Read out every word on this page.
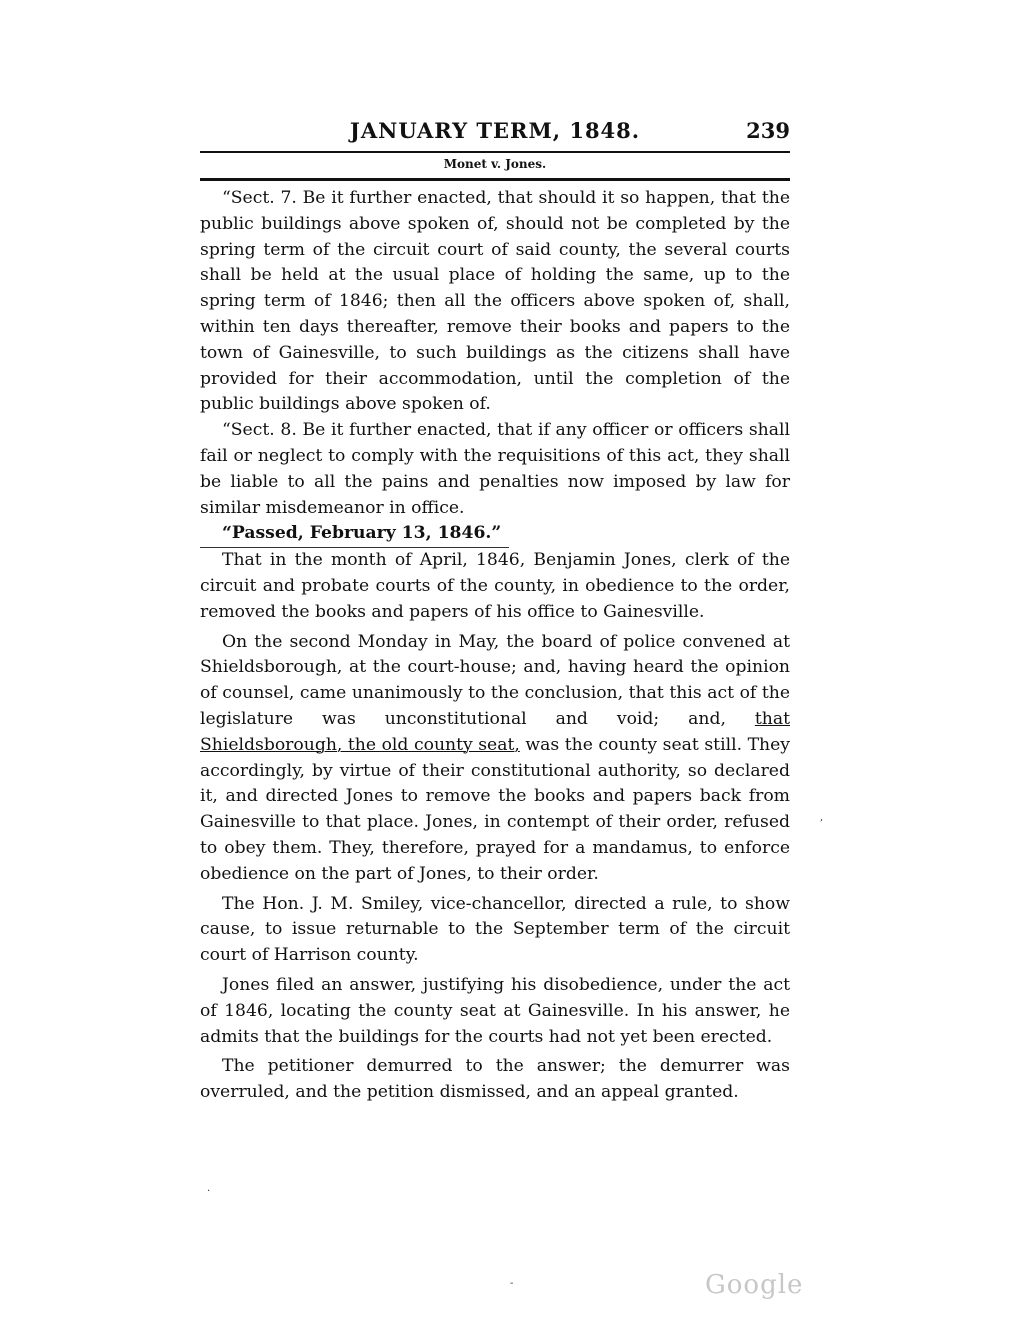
JANUARY TERM, 1848.	239
Monet v. Jones.

“Sect. 7. Be it further enacted, that should it so happen, that the public buildings above spoken of, should not be completed by the spring term of the circuit court of said county, the several courts shall be held at the usual place of holding the same, up to the spring term of 1846; then all the officers above spoken of, shall, within ten days thereafter, remove their books and papers to the town of Gainesville, to such buildings as the citizens shall have provided for their accommodation, until the completion of the public buildings above spoken of.

“Sect. 8. Be it further enacted, that if any officer or officers shall fail or neglect to comply with the requisitions of this act, they shall be liable to all the pains and penalties now imposed by law for similar misdemeanor in office.

“Passed, February 13, 1846.”

That in the month of April, 1846, Benjamin Jones, clerk of the circuit and probate courts of the county, in obedience to the order, removed the books and papers of his office to Gainesville.

On the second Monday in May, the board of police convened at Shieldsborough, at the court-house; and, having heard the opinion of counsel, came unanimously to the conclusion, that this act of the legislature was unconstitutional and void; and, that Shieldsborough, the old county seat, was the county seat still. They accordingly, by virtue of their constitutional authority, so declared it, and directed Jones to remove the books and papers back from Gainesville to that place. Jones, in contempt of their order, refused to obey them. They, therefore, prayed for a mandamus, to enforce obedience on the part of Jones, to their order.

The Hon. J. M. Smiley, vice-chancellor, directed a rule, to show cause, to issue returnable to the September term of the circuit court of Harrison county.

Jones filed an answer, justifying his disobedience, under the act of 1846, locating the county seat at Gainesville. In his answer, he admits that the buildings for the courts had not yet been erected.

The petitioner demurred to the answer; the demurrer was overruled, and the petition dismissed, and an appeal granted.

,
·
-	Google
